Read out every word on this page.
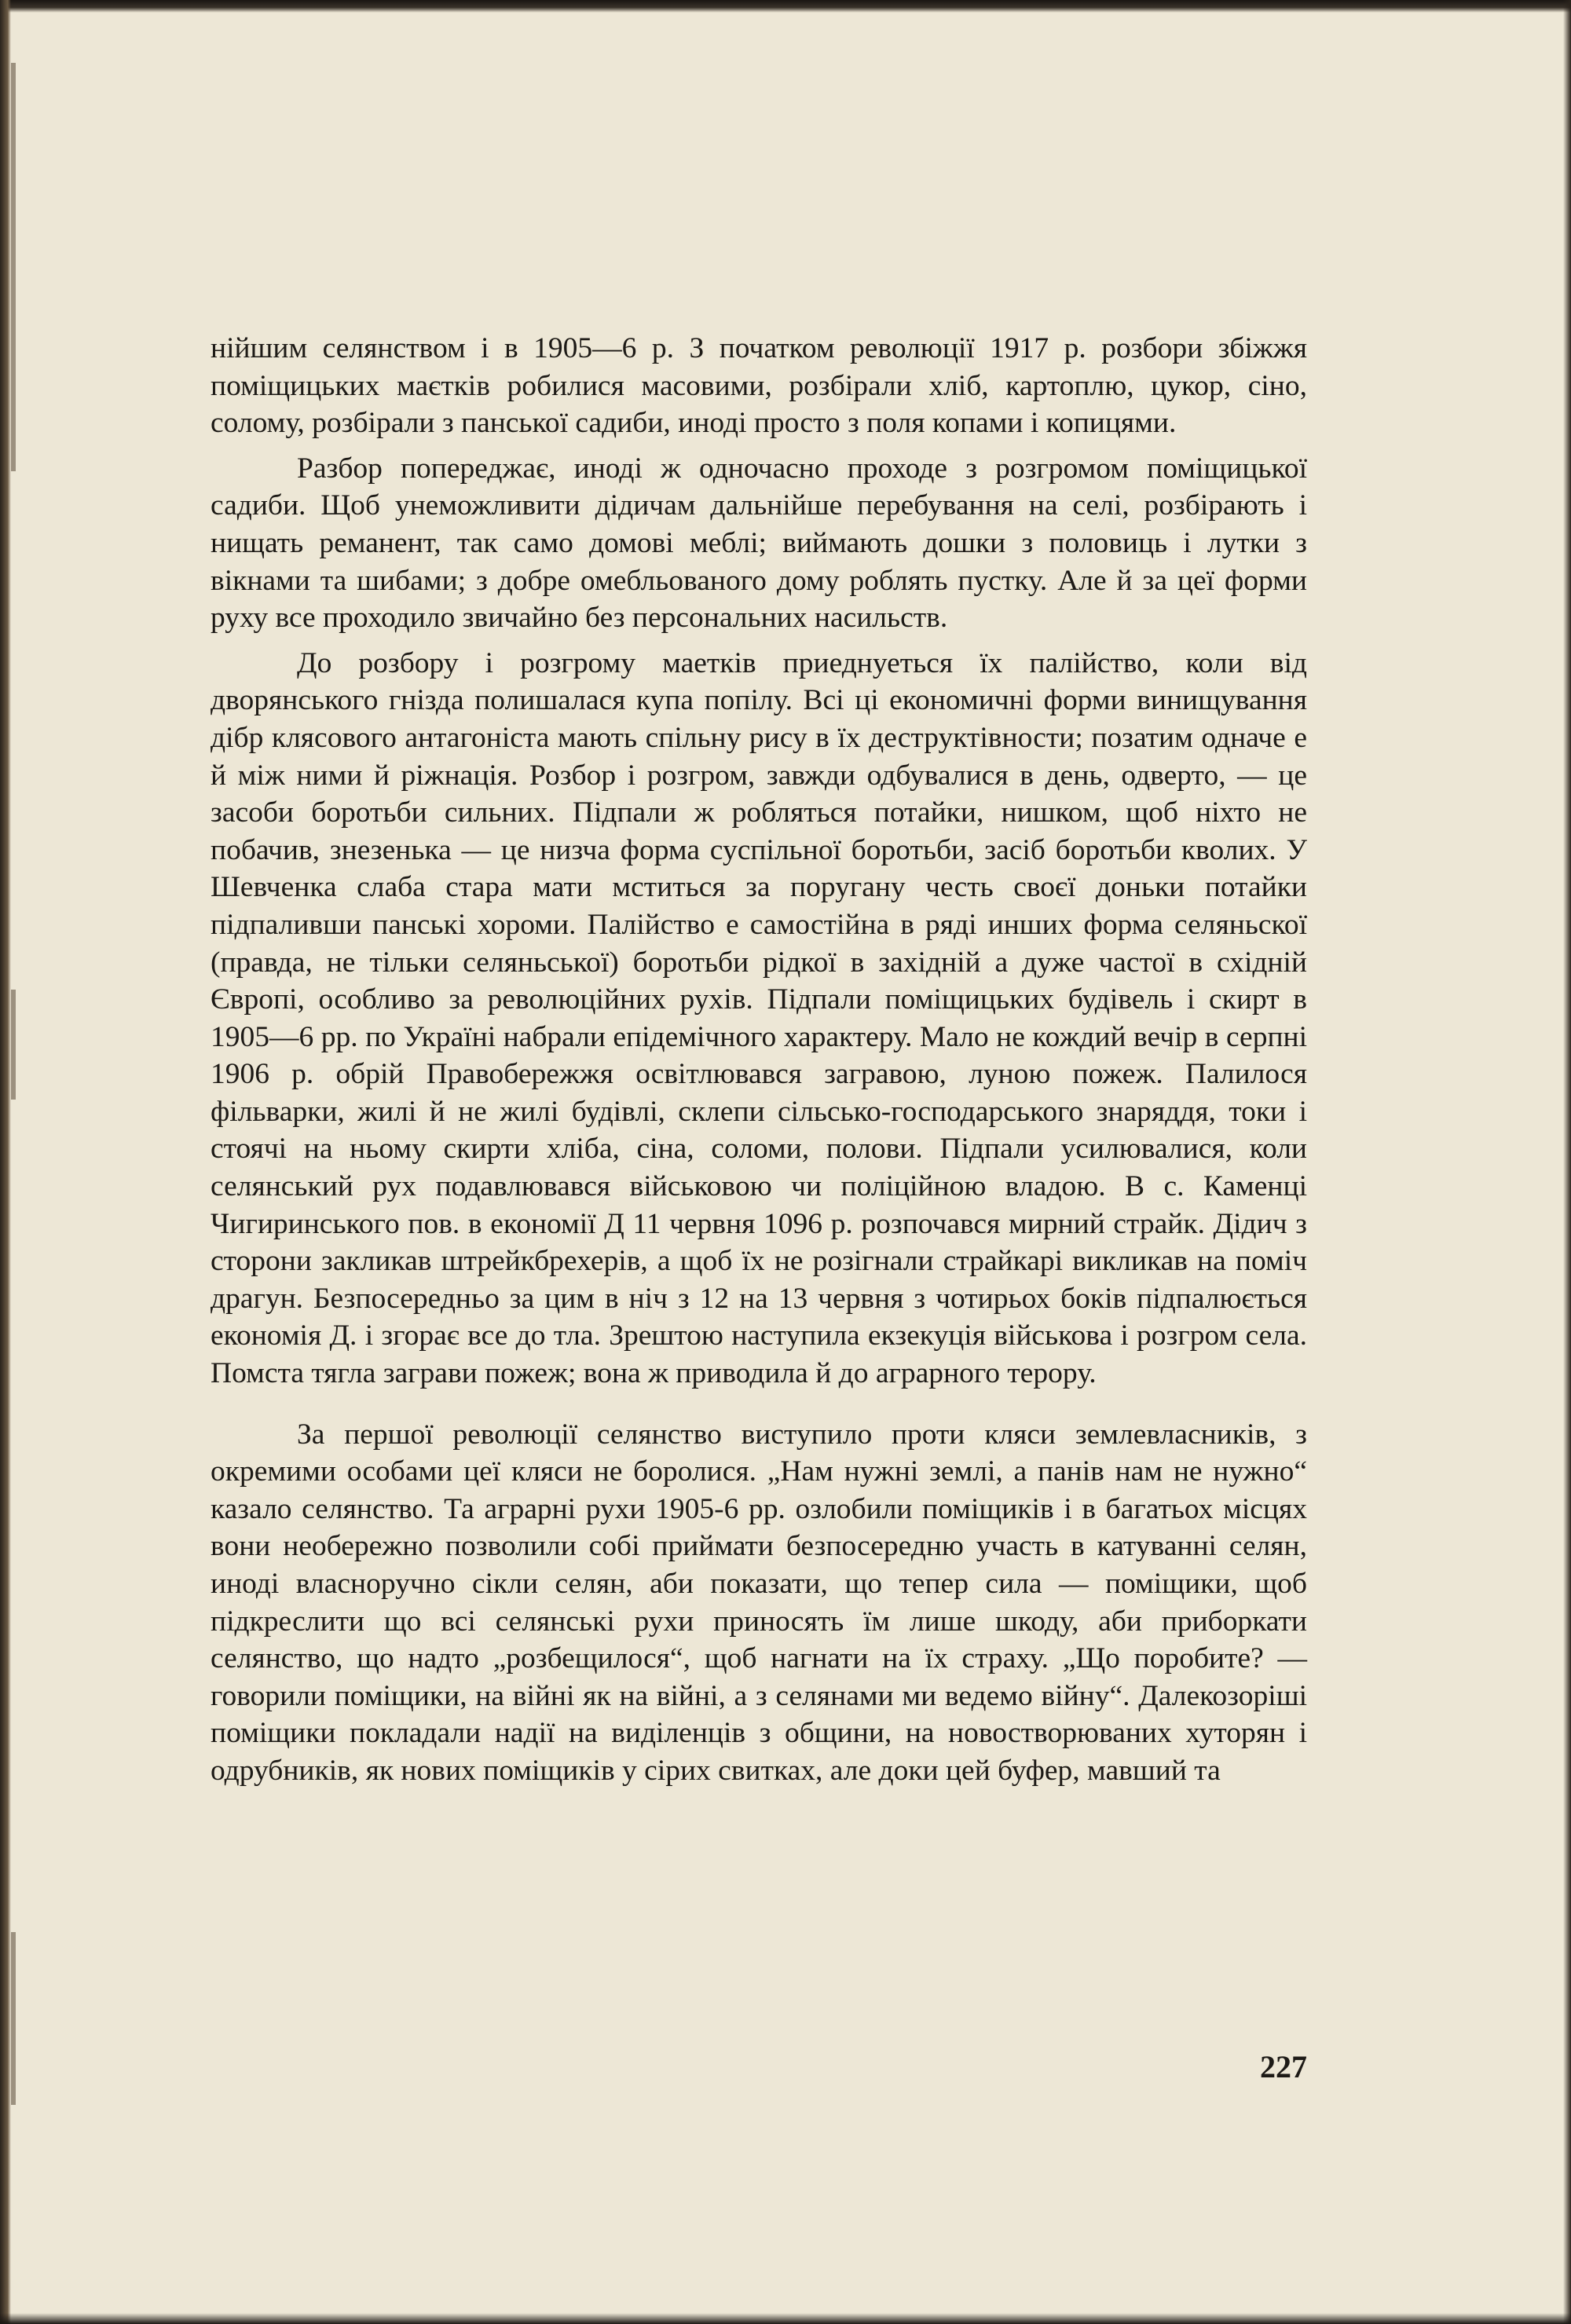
нійшим селянством і в 1905—6 р. З початком революції 1917 р. розбори збіжжя поміщицьких маєтків робилися масовими, розбірали хліб, картоплю, цукор, сіно, солому, розбірали з панської садиби, иноді просто з поля копами і копицями.

Разбор попереджає, иноді ж одночасно проходе з розгромом поміщицької садиби. Щоб унеможливити дідичам дальнійше перебування на селі, розбірають і нищать реманент, так само домові меблі; виймають дошки з половиць і лутки з вікнами та шибами; з добре омебльованого дому роблять пустку. Але й за цеї форми руху все проходило звичайно без персональних насильств.

До розбору і розгрому маетків приеднуеться їх палійство, коли від дворянського гнізда полишалася купа попілу. Всі ці економичні форми винищування дібр клясового антагоніста мають спільну рису в їх деструктівности; позатим одначе е й між ними й ріжнація. Розбор і розгром, завжди одбувалися в день, одверто, — це засоби боротьби сильних. Підпали ж робляться потайки, нишком, щоб ніхто не побачив, знезенька — це низча форма суспільної боротьби, засіб боротьби кволих. У Шевченка слаба стара мати мститься за поругану честь своєї доньки потайки підпаливши панські хороми. Палійство е самостійна в ряді инших форма селяньскої (правда, не тільки селяньської) боротьби рідкої в західній а дуже частої в східній Європі, особливо за революційних рухів. Підпали поміщицьких будівель і скирт в 1905—6 рр. по Україні набрали епідемічного характеру. Мало не кождий вечір в серпні 1906 р. обрій Правобережжя освітлювався загравою, луною пожеж. Палилося фільварки, жилі й не жилі будівлі, склепи сільсько-господарського знаряддя, токи і стоячі на ньому скирти хліба, сіна, соломи, полови. Підпали усилювалися, коли селянський рух подавлювався військовою чи поліційною владою. В с. Каменці Чигиринського пов. в економії Д 11 червня 1096 р. розпочався мирний страйк. Дідич з сторони закликав штрейкбрехерів, а щоб їх не розігнали страйкарі викликав на поміч драгун. Безпосередньо за цим в ніч з 12 на 13 червня з чотирьох боків підпалюється економія Д. і згорає все до тла. Зрештою наступила екзекуція військова і розгром села. Помста тягла заграви пожеж; вона ж приводила й до аграрного терору.

За першої революції селянство виступило проти кляси землевласників, з окремими особами цеї кляси не боролися. „Нам нужні землі, а панів нам не нужно“ казало селянство. Та аграрні рухи 1905-6 рр. озлобили поміщиків і в багатьох місцях вони необережно позволили собі приймати безпосередню участь в катуванні селян, иноді власноручно сікли селян, аби показати, що тепер сила — поміщики, щоб підкреслити що всі селянські рухи приносять їм лише шкоду, аби приборкати селянство, що надто „розбещилося“, щоб нагнати на їх страху. „Що поробите? — говорили поміщики, на війні як на війні, а з селянами ми ведемо війну“. Далекозоріші поміщики покладали надії на виділенців з общини, на новостворюваних хуторян і одрубників, як нових поміщиків у сірих свитках, але доки цей буфер, мавший та

227
